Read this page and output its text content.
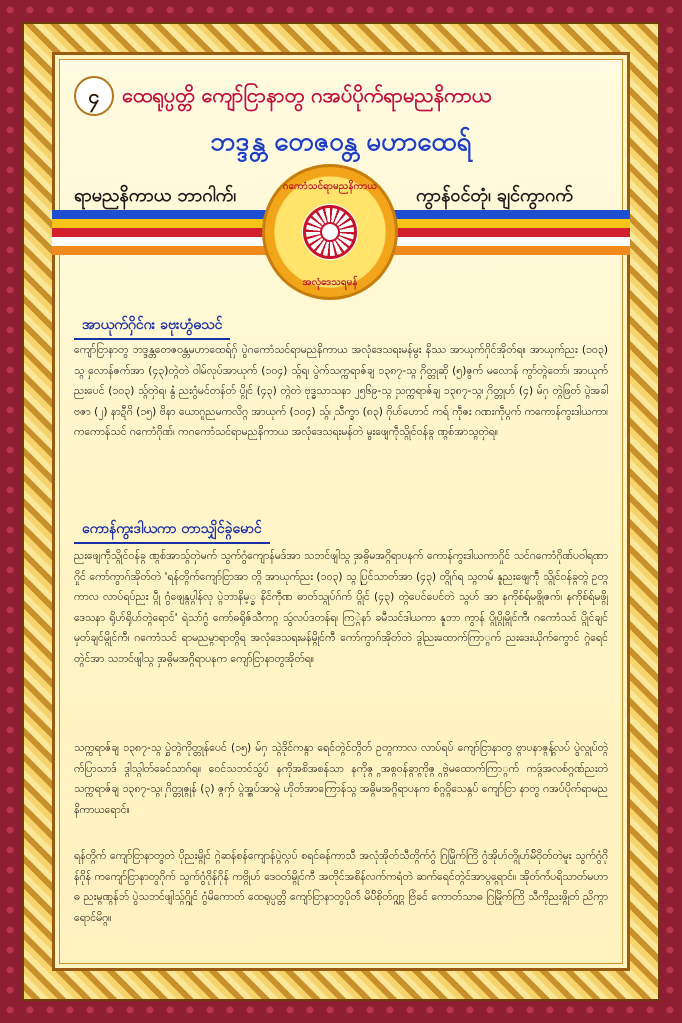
၄	ထေရုပ္ပတ္တိ ကျော်ငြာနာတွ ဂအပ်ပိုက်ရာမညနိကာယ
ဘဒ္ဒန္တ တေဇဝန္တ မဟာထေရ်
ရာမညနိကာယ ဘာဂါက်၊	ကွာန်ဝင်တုံ၊ ချင်ကွာဂက်
ဂကောံသင်ရာမညနိကာယ
အလုံဒေသရမန်
အာယုက်ဂှိင်ဂး ခဗုးဟွံဓသင်
ကျော်ငြာနာတွ ဘဒ္ဒန္တတေဇဝန္တမဟာထေရ်ဂှ် ပွဲဂကောံသင်ရာမညနိကာယ အလုံဒေသရးမန်မွး နိဿ အာယုက်ဂှိင်အိုတ်ရ။ အာယုက်ညး (၁၀၃) သ္ဂှ လောန်ဇက်အာ (၄၃)တ္ဂဲတဲ ဝါမ်လုပ်အာယုက် (၁၀၄) သ္ဂှ်ရ၊ ပွဲက်သက္ကရာဇ်ချ ၁၃၈၇-သ္ဂှ ဂိတ္တုဆို (၅)ဇွက် မလောန် ကွာ်တ္ဂဲတော်၊ အာယုက်ညးပေင် (၁၀၃) သ္ဂှ်တဲရ၊ နွံ ညးဂွံမင်တန်တ် ပ္ဂိုင် (၄၃) တ္ဂဲတဲ ဗုဒ္ဓသာသနာ ၂၅၆၉-သ္ဂှ သက္ကရာဇ်ချ ၁၃၈၇-သ္ဂှ၊ ဂိတ္တုဟ် (၄) မ်ဂှ တ္ဂဲဖြတ် ပ္ဂဲအခါဗဇာ (၂) နာဍီဂိ (၁၅) ဗိနာ ယောဂူညမကလိဂ္ဂ အာယုက် (၁၀၄) သ္ဂှ်၊ သီက္ခာ (၈၃) ဂိုဟ်ဟောင် ကရ် ကဵုဇး ဂဏးကဵုပ္ဂက် ကကောန်ကွးဒါယကာ၊ ကကောန်သင် ဂကောံဂိုဏ်၊ ကဂကောံသင်ရာမညနိကာယ အလုံဒေသရးမန်တဲ မွးဖျေကဵုသ္ဂိုင်ဝန်ခ္ဂ ဏ္ဂစ်အာသ္ဂှတဲရ။
ကောန်ကွးဒါယကာ တာသျှိင်ခ္ဂဲမောင်
ညးဖျေကဵုသ္ဂိုင်ဝန်ခ္ဂ ဏ္ဂစ်အာသ္ဂှ်တဲမက် သွက်ဂွံကျောန်မဒ်အာ သဘင်ဖျါသ္ဂှ အဓ္ဂိမအဂ္ဂိရာပနက် ကောန်ကွးဒါယကာဂှိုင် သင်ဂကောံဂိုဏ်ပဝါရဏာဂှိုင် ကော်ကွာဂ်အိုတ်တဲ 'ရန်တ္ဂိက်ကျော်ငြာအာ တ္ဂိ အာယုက်ညး (၁၀၃) သ္ဂှ ပြင်သာတ်အာ (၄၃) တ္ဂိုဂ်ရ သ္ဂတမ် နူညးဖျေကဵု သ္ဂိုင်ဝန်ခ္ဂတ္ဂဲ ဥတ္ဂကာလ လာပ်ရပ်ညး ပ္ဂဵု ဂွံဖျေန္ဂပ္ဂါန်လု ပ္ဂဲဘာနိမ့္ခ နိင်ကဵုဏ ဓာတ်သ္ဂုပ်ဂ်က် ပ္ဂိုင် (၄၃) တ္ဂဲပေင်ပေင်တဲ သ္ဂဟ် အာ နကိုစ်ရ်မဖ္ဂိုဇက်၊ နကိုစ်ရ်မဖ္ဂိုဒေသနာ ရိုဟ်ရိုဟ်တ္ဂဲရောင်' ရဲသာ်ဂွံ ကော်ဓရိုဇ်သီကဂ္ဂ သွဴလပ်ဒတန်ရ၊ ကြ္ဂဲနာ် ခမီသင်ဒါယကာ နူဘာ ကွာန် ပ္ဂိုပ္ဂိုမ္ဂိုင်ကီ၊ ဂကောံသင် ပ္ဂိုင်ချင်မှတ်ချင်မ္ဂိုင်ကီ၊ ဂကောံသင် ရာမညမ္ဂာရာတ္ဂိရ အလုံဒေသရးမန်မ္ဂိုင်ကီ ကော်ကွာဂ်အိုတ်တဲ ဒ္ဂါညးထောက်ကြာ္ဂက် ညးဒေးယိုက်ကွောင် ဂ္ဂဲရေင်တ္ဂဲင်အာ သဘင်ဖျါသ္ဂှ အဓ္ဂိမအဂ္ဂိရာပနက ကျော်ငြာနာတွအိုတ်ရ။
သက္ကရာဇ်ချ ၁၃၈၇-သ္ဂှ ပွဲတ္ဂဲကိုတ္တုန်ပေင် (၁၅) မ်ဂှ သ္ဂဲဒိုင်ကန္ဂာ ရေင်တ္ဂဲင်တ္ဂိတ် ဥတ္ဂကာလ လာပ်ရပ် ကျော်ငြာနာတွ ဗ္ဂာပနာဇ္ဂ္ဂန်လပ် ပွဲလ္ဂုပ်တ္ဂဲက်ပြာသာဒ် ဒ္ဂါသ္ဂါတ်ခေင်သာဂ်ရ။ ဝေင်သဘင်သွဴပ် နကိုအစိအစန်သာ နကိုဇ္ဂ္ဂ အစ္ဂဝန်ခ္ဂ္ဂာကိုဇ္ဂ္ဂ ဗ္ဂဲမထောက်ကြာ္ဂက် ကဒ္ဂဴအလစ်ဂ္ဂဏ်ညးတဲ သက္ကရာဇ်ချ ၁၃၈၇-သ္ဂှ၊ ဂိတ္တုဇ္ဂုန် (၃) ဇ္ဂှက် ပ္ဂ္ဂဲအ္ဂပ်အာမ္ဂဲ ဟိုတ်အာကြောန်သ္ဂ အဓ္ဂိမအဂ္ဂိရာပနက စ်ဂ္ဂဝ္ဂိသေန္ဂပ် ကျော်ငြာ နာတွ ဂအပ်ပိုက်ရာမညနိကာယရောင်။
ရန်တ္ဂိက် ကျော်ငြာနာတွတဲ ပိုညးမ္ဂိုင် ဂ္ဂဲဆန်စန်ကျောန်ပ္ဂ္ဂဲလပ် စရင်ဓန်ကာသီ အလုံအိုတ်သီတ္ဂိက်ဂွံ ဂြမြိုက်ကြိ ဂွံအိုဟ်တ္ဂိုဟ်မ်ိဝိုတ်တဲမူး သွက်ဂွံဂိုန်ဂိုန် ကကျော်ငြာနာတွဂိုက် သွက်ဂွံဂိုန်ဂိုန် ကဗ္ဂိုဟ် ဒေဝတ်မ္ဂိုင်ကီ အတိုင်အစိန်လက်ကရံတဲ ဆက်ရေင်တ္ဂဲင်အာပ္ဂ္ဂရောင်။ အိုတ်က်ံပရိသာတ်မဟာဓ ညးမ္ဂဏ္ဂန်ဘ် ပွဲသဘင်ဖျါသ္ဂှ်ဂ္ဂိုင် ဂွံမိကောတ် ထေရုပ္ပတ္တိ ကျော်ငြာနာတွပိုတ်ဲ မိပ်ိစိုတ်ဂ္ဂ္ဂျာ ဗြံခင် ကောတ်သာဓ ဂြမြိုက်ကြိ သီကိုညးဖ္ဂိုတ် ညိက္ဂာရောင်မိဂ္ဂ။
